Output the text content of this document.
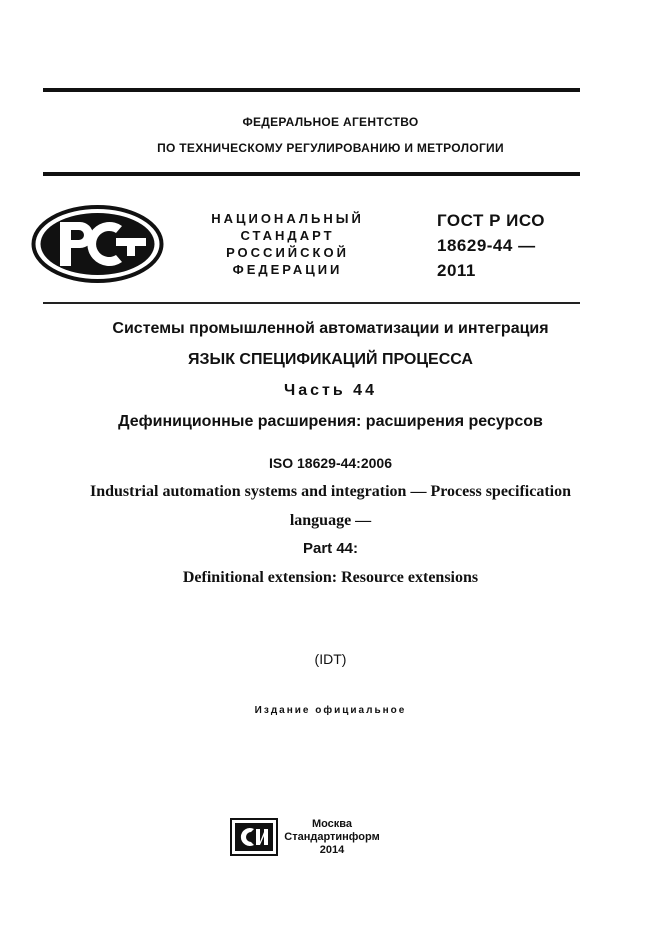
ФЕДЕРАЛЬНОЕ АГЕНТСТВО
ПО ТЕХНИЧЕСКОМУ РЕГУЛИРОВАНИЮ И МЕТРОЛОГИИ
НАЦИОНАЛЬНЫЙ
СТАНДАРТ
РОССИЙСКОЙ
ФЕДЕРАЦИИ
ГОСТ Р ИСО
18629-44 —
2011
Системы промышленной автоматизации и интеграция
ЯЗЫК СПЕЦИФИКАЦИЙ ПРОЦЕССА
Часть 44
Дефиниционные расширения: расширения ресурсов
ISO 18629-44:2006
Industrial automation systems and integration — Process specification
language —
Part 44:
Definitional extension: Resource extensions
(IDT)
Издание официальное
Москва
Стандартинформ
2014
